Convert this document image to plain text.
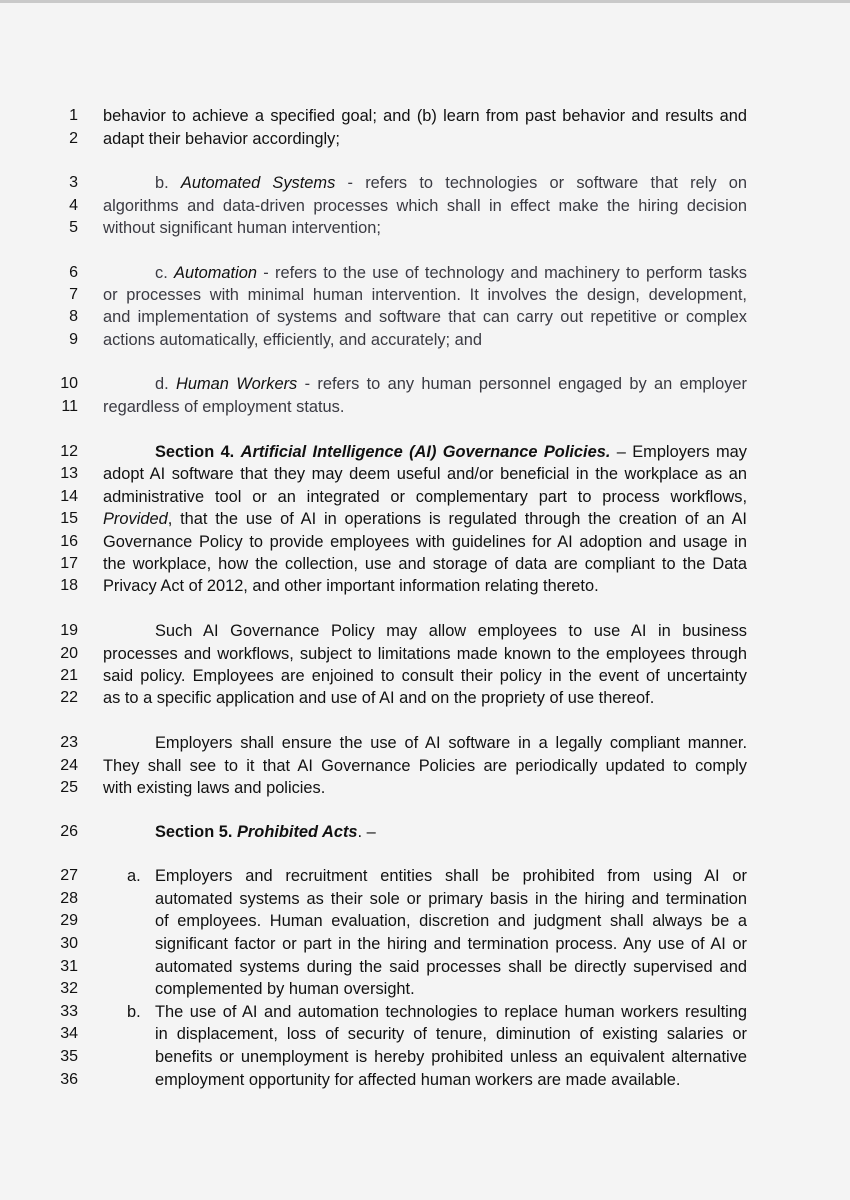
1 behavior to achieve a specified goal; and (b) learn from past behavior and results and
2 adapt their behavior accordingly;
3	b. Automated Systems - refers to technologies or software that rely on
4 algorithms and data-driven processes which shall in effect make the hiring decision
5 without significant human intervention;
6	c. Automation - refers to the use of technology and machinery to perform tasks
7 or processes with minimal human intervention. It involves the design, development,
8 and implementation of systems and software that can carry out repetitive or complex
9 actions automatically, efficiently, and accurately; and
10	d. Human Workers - refers to any human personnel engaged by an employer
11 regardless of employment status.
12	Section 4. Artificial Intelligence (AI) Governance Policies. – Employers may
13 adopt AI software that they may deem useful and/or beneficial in the workplace as an
14 administrative tool or an integrated or complementary part to process workflows,
15 Provided, that the use of AI in operations is regulated through the creation of an AI
16 Governance Policy to provide employees with guidelines for AI adoption and usage in
17 the workplace, how the collection, use and storage of data are compliant to the Data
18 Privacy Act of 2012, and other important information relating thereto.
19	Such AI Governance Policy may allow employees to use AI in business
20 processes and workflows, subject to limitations made known to the employees through
21 said policy. Employees are enjoined to consult their policy in the event of uncertainty
22 as to a specific application and use of AI and on the propriety of use thereof.
23	Employers shall ensure the use of AI software in a legally compliant manner.
24 They shall see to it that AI Governance Policies are periodically updated to comply
25 with existing laws and policies.
26	Section 5. Prohibited Acts. –
27	a. Employers and recruitment entities shall be prohibited from using AI or
28	automated systems as their sole or primary basis in the hiring and termination
29	of employees. Human evaluation, discretion and judgment shall always be a
30	significant factor or part in the hiring and termination process. Any use of AI or
31	automated systems during the said processes shall be directly supervised and
32	complemented by human oversight.
33	b. The use of AI and automation technologies to replace human workers resulting
34	in displacement, loss of security of tenure, diminution of existing salaries or
35	benefits or unemployment is hereby prohibited unless an equivalent alternative
36	employment opportunity for affected human workers are made available.
